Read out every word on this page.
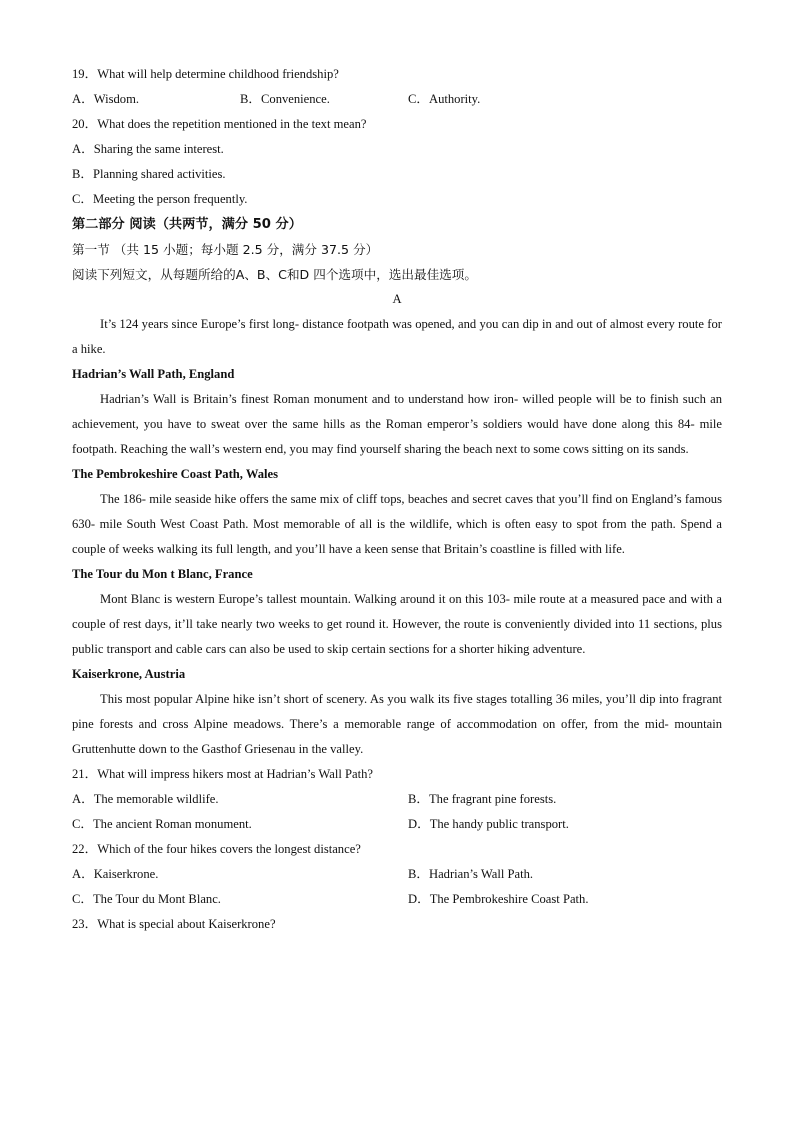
19．What will help determine childhood friendship?
A．Wisdom.	B．Convenience.	C．Authority.
20．What does the repetition mentioned in the text mean?
A．Sharing the same interest.
B．Planning shared activities.
C．Meeting the person frequently.
第二部分 阅读（共两节，满分 50 分）
第一节 （共 15 小题；每小题 2.5 分，满分 37.5 分）
阅读下列短文，从每题所给的A、B、C和D 四个选项中，选出最佳选项。
A

It’s 124 years since Europe’s first long- distance footpath was opened, and you can dip in and out of almost every route for a hike.

Hadrian’s Wall Path, England

Hadrian’s Wall is Britain’s finest Roman monument and to understand how iron- willed people will be to finish such an achievement, you have to sweat over the same hills as the Roman emperor’s soldiers would have done along this 84- mile footpath. Reaching the wall’s western end, you may find yourself sharing the beach next to some cows sitting on its sands.

The Pembrokeshire Coast Path, Wales

The 186- mile seaside hike offers the same mix of cliff tops, beaches and secret caves that you’ll find on England’s famous 630- mile South West Coast Path. Most memorable of all is the wildlife, which is often easy to spot from the path. Spend a couple of weeks walking its full length, and you’ll have a keen sense that Britain’s coastline is filled with life.

The Tour du Mon t Blanc, France

Mont Blanc is western Europe’s tallest mountain. Walking around it on this 103- mile route at a measured pace and with a couple of rest days, it’ll take nearly two weeks to get round it. However, the route is conveniently divided into 11 sections, plus public transport and cable cars can also be used to skip certain sections for a shorter hiking adventure.

Kaiserkrone, Austria

This most popular Alpine hike isn’t short of scenery. As you walk its five stages totalling 36 miles, you’ll dip into fragrant pine forests and cross Alpine meadows. There’s a memorable range of accommodation on offer, from the mid- mountain Gruttenhutte down to the Gasthof Griesenau in the valley.

21．What will impress hikers most at Hadrian’s Wall Path?
A．The memorable wildlife.	B．The fragrant pine forests.
C．The ancient Roman monument.	D．The handy public transport.
22．Which of the four hikes covers the longest distance?
A．Kaiserkrone.	B．Hadrian’s Wall Path.
C．The Tour du Mont Blanc.	D．The Pembrokeshire Coast Path.
23．What is special about Kaiserkrone?
